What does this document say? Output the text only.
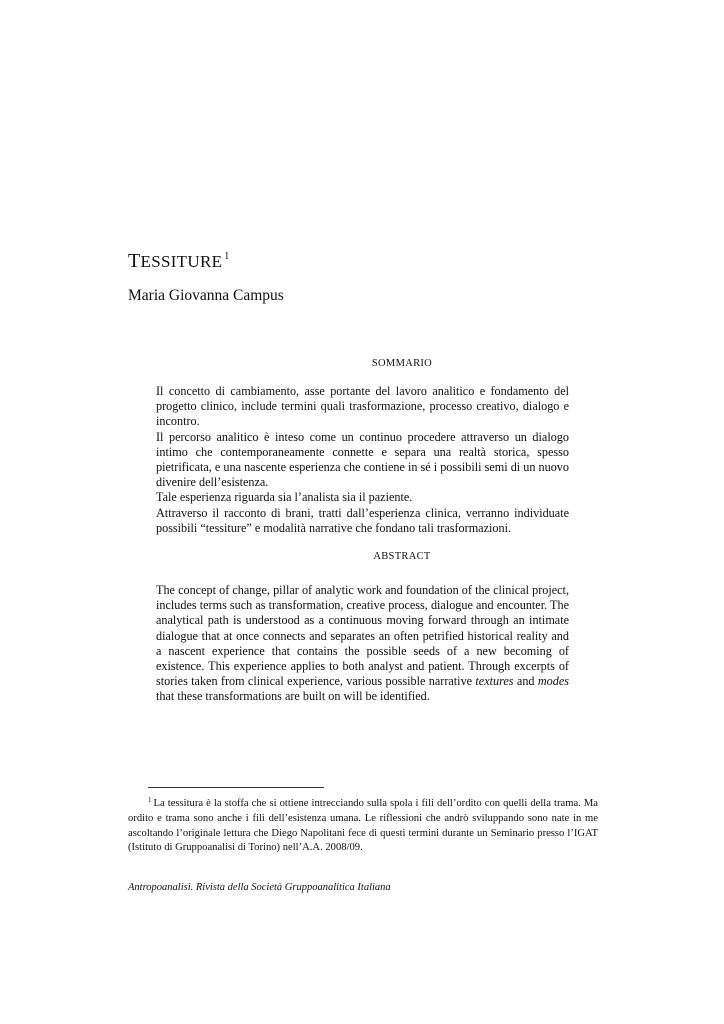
TESSITURE $^1$
Maria Giovanna Campus
SOMMARIO

Il concetto di cambiamento, asse portante del lavoro analitico e fondamento del progetto clinico, include termini quali trasformazione, processo creativo, dialogo e incontro.

Il percorso analitico è inteso come un continuo procedere attraverso un dialogo intimo che contemporaneamente connette e separa una realtà storica, spesso pietrificata, e una nascente esperienza che contiene in sé i possibili semi di un nuovo divenire dell’esistenza.

Tale esperienza riguarda sia l’analista sia il paziente.

Attraverso il racconto di brani, tratti dall’esperienza clinica, verranno individuate possibili “tessiture” e modalità narrative che fondano tali trasformazioni.

ABSTRACT

The concept of change, pillar of analytic work and foundation of the clinical project, includes terms such as transformation, creative process, dialogue and encounter. The analytical path is understood as a continuous moving forward through an intimate dialogue that at once connects and separates an often petrified historical reality and a nascent experience that contains the possible seeds of a new becoming of existence. This experience applies to both analyst and patient. Through excerpts of stories taken from clinical experience, various possible narrative textures and modes that these transformations are built on will be identified.

$^1$ La tessitura è la stoffa che si ottiene intrecciando sulla spola i fili dell’ordito con quelli della trama. Ma ordito e trama sono anche i fili dell’esistenza umana. Le riflessioni che andrò sviluppando sono nate in me ascoltando l’originale lettura che Diego Napolitani fece di questi termini durante un Seminario presso l’IGAT (Istituto di Gruppoanalisi di Torino) nell’A.A. 2008/09.
Antropoanalisi. Rivista della Società Gruppoanalitica Italiana
